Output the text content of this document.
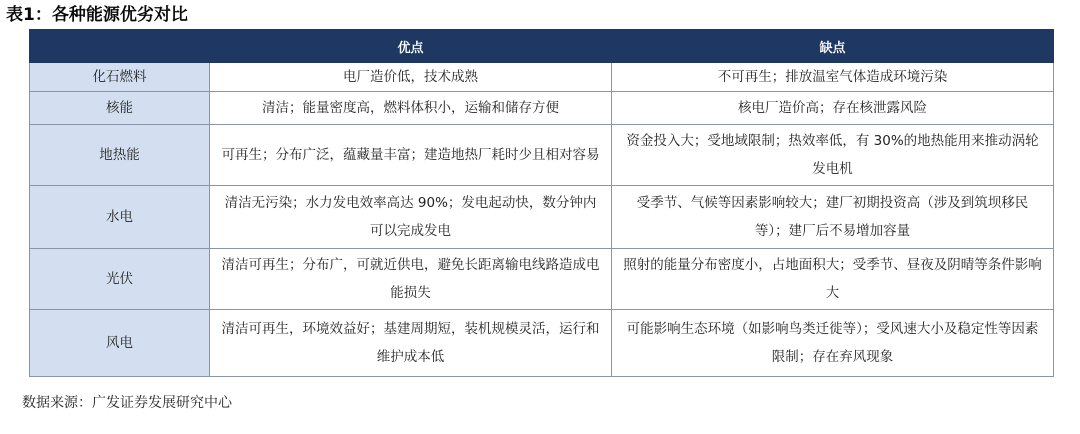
表1：各种能源优劣对比
	优点	缺点
化石燃料	电厂造价低，技术成熟	不可再生；排放温室气体造成环境污染
核能	清洁；能量密度高，燃料体积小，运输和储存方便	核电厂造价高；存在核泄露风险
地热能	可再生；分布广泛，蕴藏量丰富；建造地热厂耗时少且相对容易	资金投入大；受地域限制；热效率低，有 30%的地热能用来推动涡轮发电机
水电	清洁无污染；水力发电效率高达 90%；发电起动快，数分钟内可以完成发电	受季节、气候等因素影响较大；建厂初期投资高（涉及到筑坝移民等）；建厂后不易增加容量
光伏	清洁可再生；分布广，可就近供电，避免长距离输电线路造成电能损失	照射的能量分布密度小，占地面积大；受季节、昼夜及阴晴等条件影响大
风电	清洁可再生，环境效益好；基建周期短，装机规模灵活，运行和维护成本低	可能影响生态环境（如影响鸟类迁徙等）；受风速大小及稳定性等因素限制；存在弃风现象
数据来源：广发证券发展研究中心
